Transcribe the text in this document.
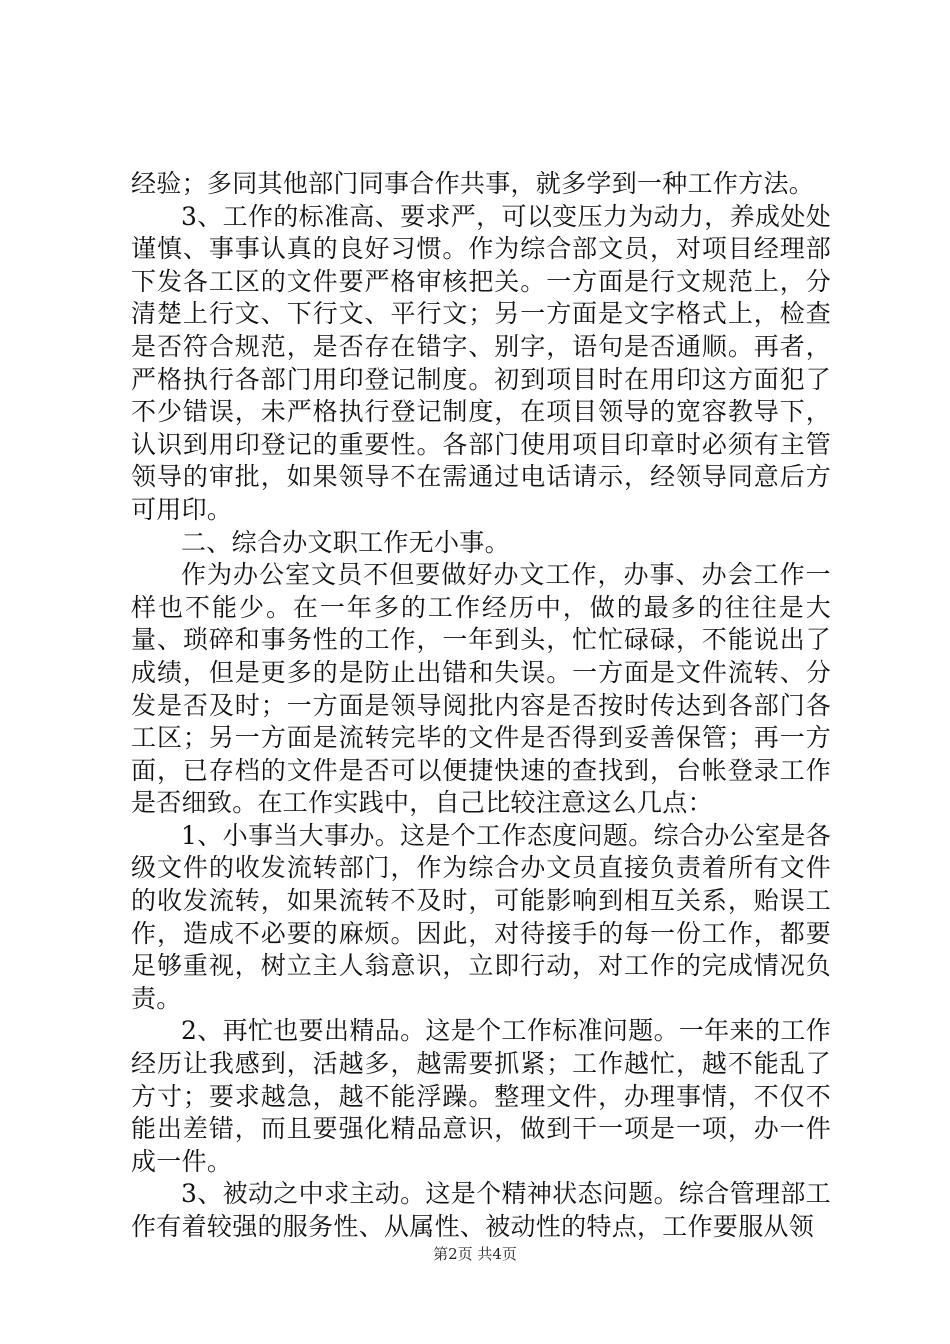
经验；多同其他部门同事合作共事，就多学到一种工作方法。

3、工作的标准高、要求严，可以变压力为动力，养成处处谨慎、事事认真的良好习惯。作为综合部文员，对项目经理部下发各工区的文件要严格审核把关。一方面是行文规范上，分清楚上行文、下行文、平行文；另一方面是文字格式上，检查是否符合规范，是否存在错字、别字，语句是否通顺。再者，严格执行各部门用印登记制度。初到项目时在用印这方面犯了不少错误，未严格执行登记制度，在项目领导的宽容教导下，认识到用印登记的重要性。各部门使用项目印章时必须有主管领导的审批，如果领导不在需通过电话请示，经领导同意后方可用印。

二、综合办文职工作无小事。

作为办公室文员不但要做好办文工作，办事、办会工作一样也不能少。在一年多的工作经历中，做的最多的往往是大量、琐碎和事务性的工作，一年到头，忙忙碌碌，不能说出了成绩，但是更多的是防止出错和失误。一方面是文件流转、分发是否及时；一方面是领导阅批内容是否按时传达到各部门各工区；另一方面是流转完毕的文件是否得到妥善保管；再一方面，已存档的文件是否可以便捷快速的查找到，台帐登录工作是否细致。在工作实践中，自己比较注意这么几点：

1、小事当大事办。这是个工作态度问题。综合办公室是各级文件的收发流转部门，作为综合办文员直接负责着所有文件的收发流转，如果流转不及时，可能影响到相互关系，贻误工作，造成不必要的麻烦。因此，对待接手的每一份工作，都要足够重视，树立主人翁意识，立即行动，对工作的完成情况负责。

2、再忙也要出精品。这是个工作标准问题。一年来的工作经历让我感到，活越多，越需要抓紧；工作越忙，越不能乱了方寸；要求越急，越不能浮躁。整理文件，办理事情，不仅不能出差错，而且要强化精品意识，做到干一项是一项，办一件成一件。

3、被动之中求主动。这是个精神状态问题。综合管理部工作有着较强的服务性、从属性、被动性的特点，工作要服从领

第2页 共4页
